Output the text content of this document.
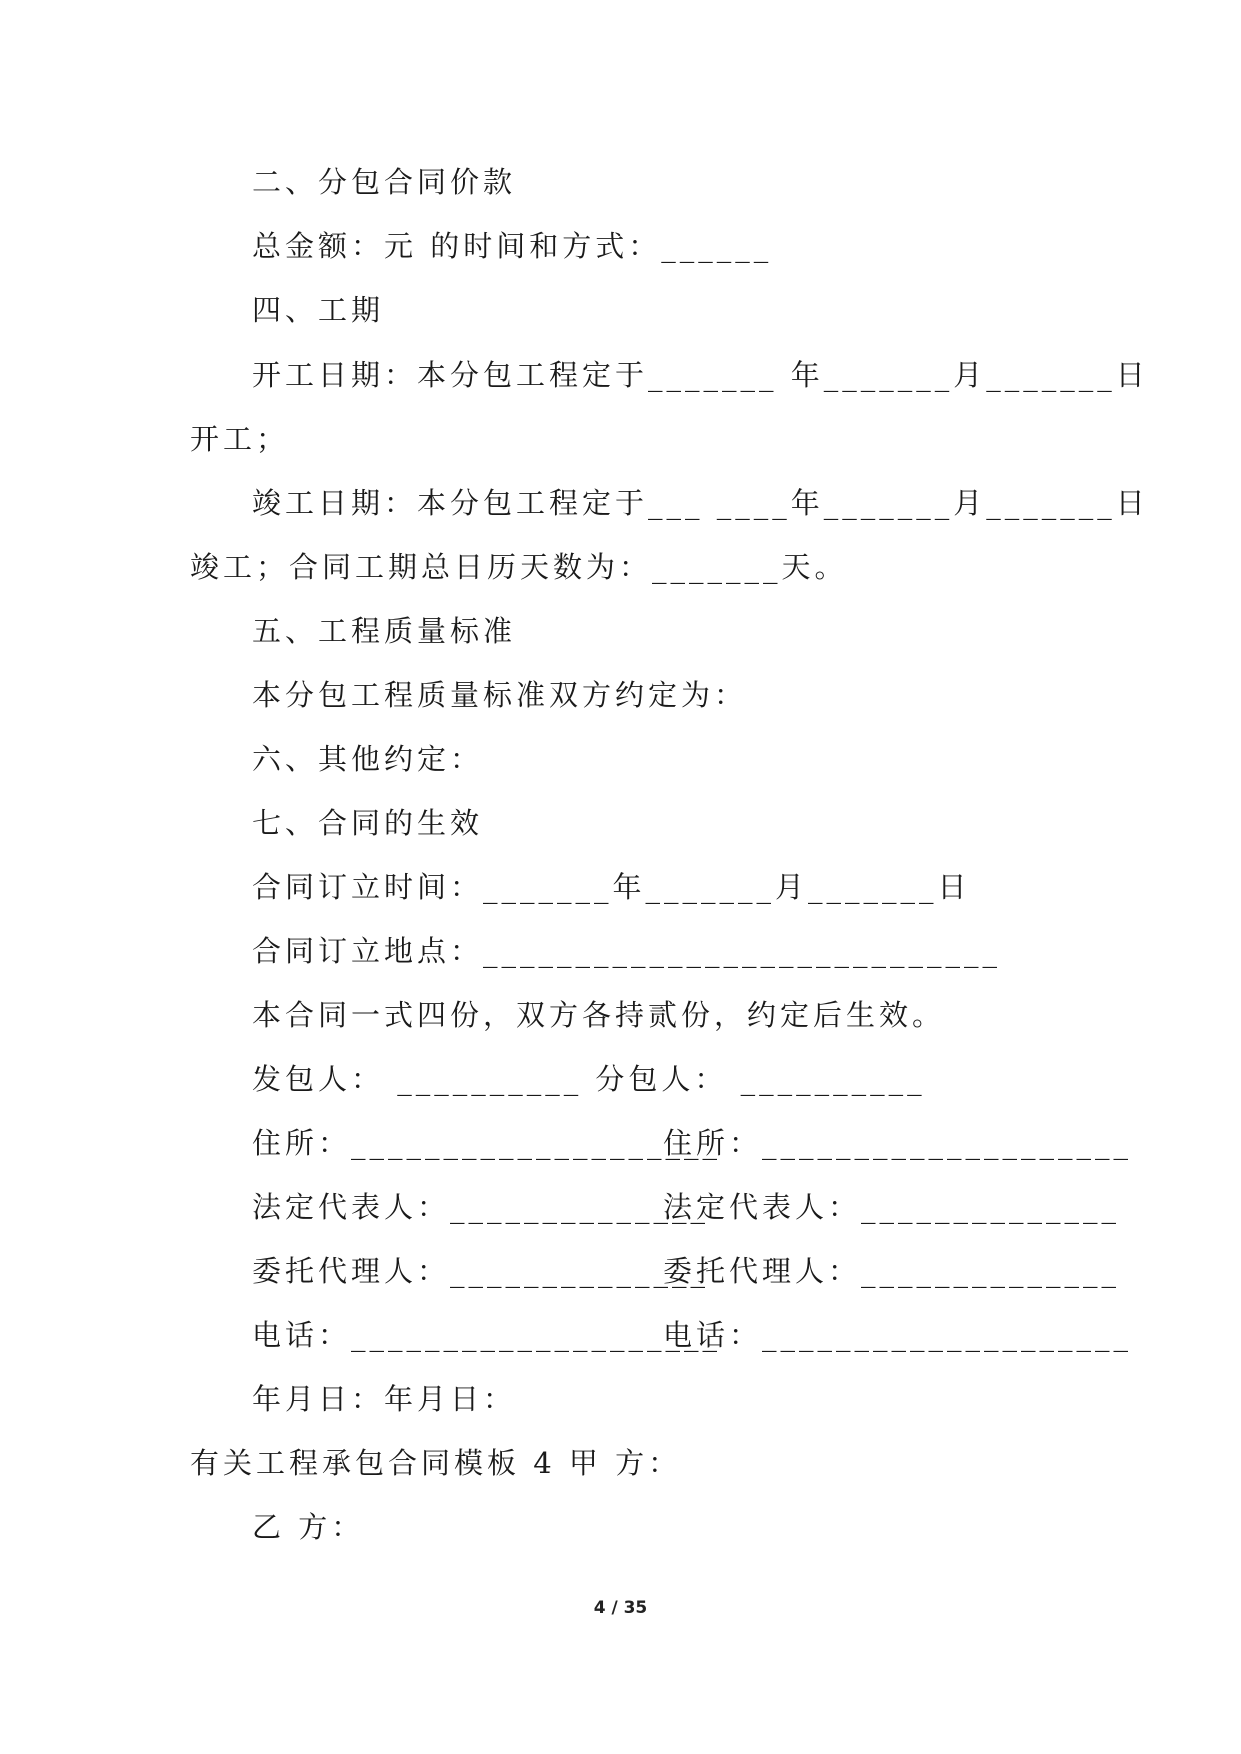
二、分包合同价款
总金额：元 的时间和方式：______
四、工期
开工日期：本分包工程定于_______ 年_______月_______日
开工；
竣工日期：本分包工程定于___ ____年_______月_______日
竣工；合同工期总日历天数为：_______天。
五、工程质量标准
本分包工程质量标准双方约定为：
六、其他约定：
七、合同的生效
合同订立时间：_______年_______月_______日
合同订立地点：____________________________
本合同一式四份，双方各持贰份，约定后生效。
发包人： __________ 分包人： __________
住所：____________________
住所：____________________
法定代表人：______________
法定代表人：______________
委托代理人：______________
委托代理人：______________
电话：____________________
电话：____________________
年月日：年月日：
有关工程承包合同模板 4 甲 方：
乙 方：
4 / 35
